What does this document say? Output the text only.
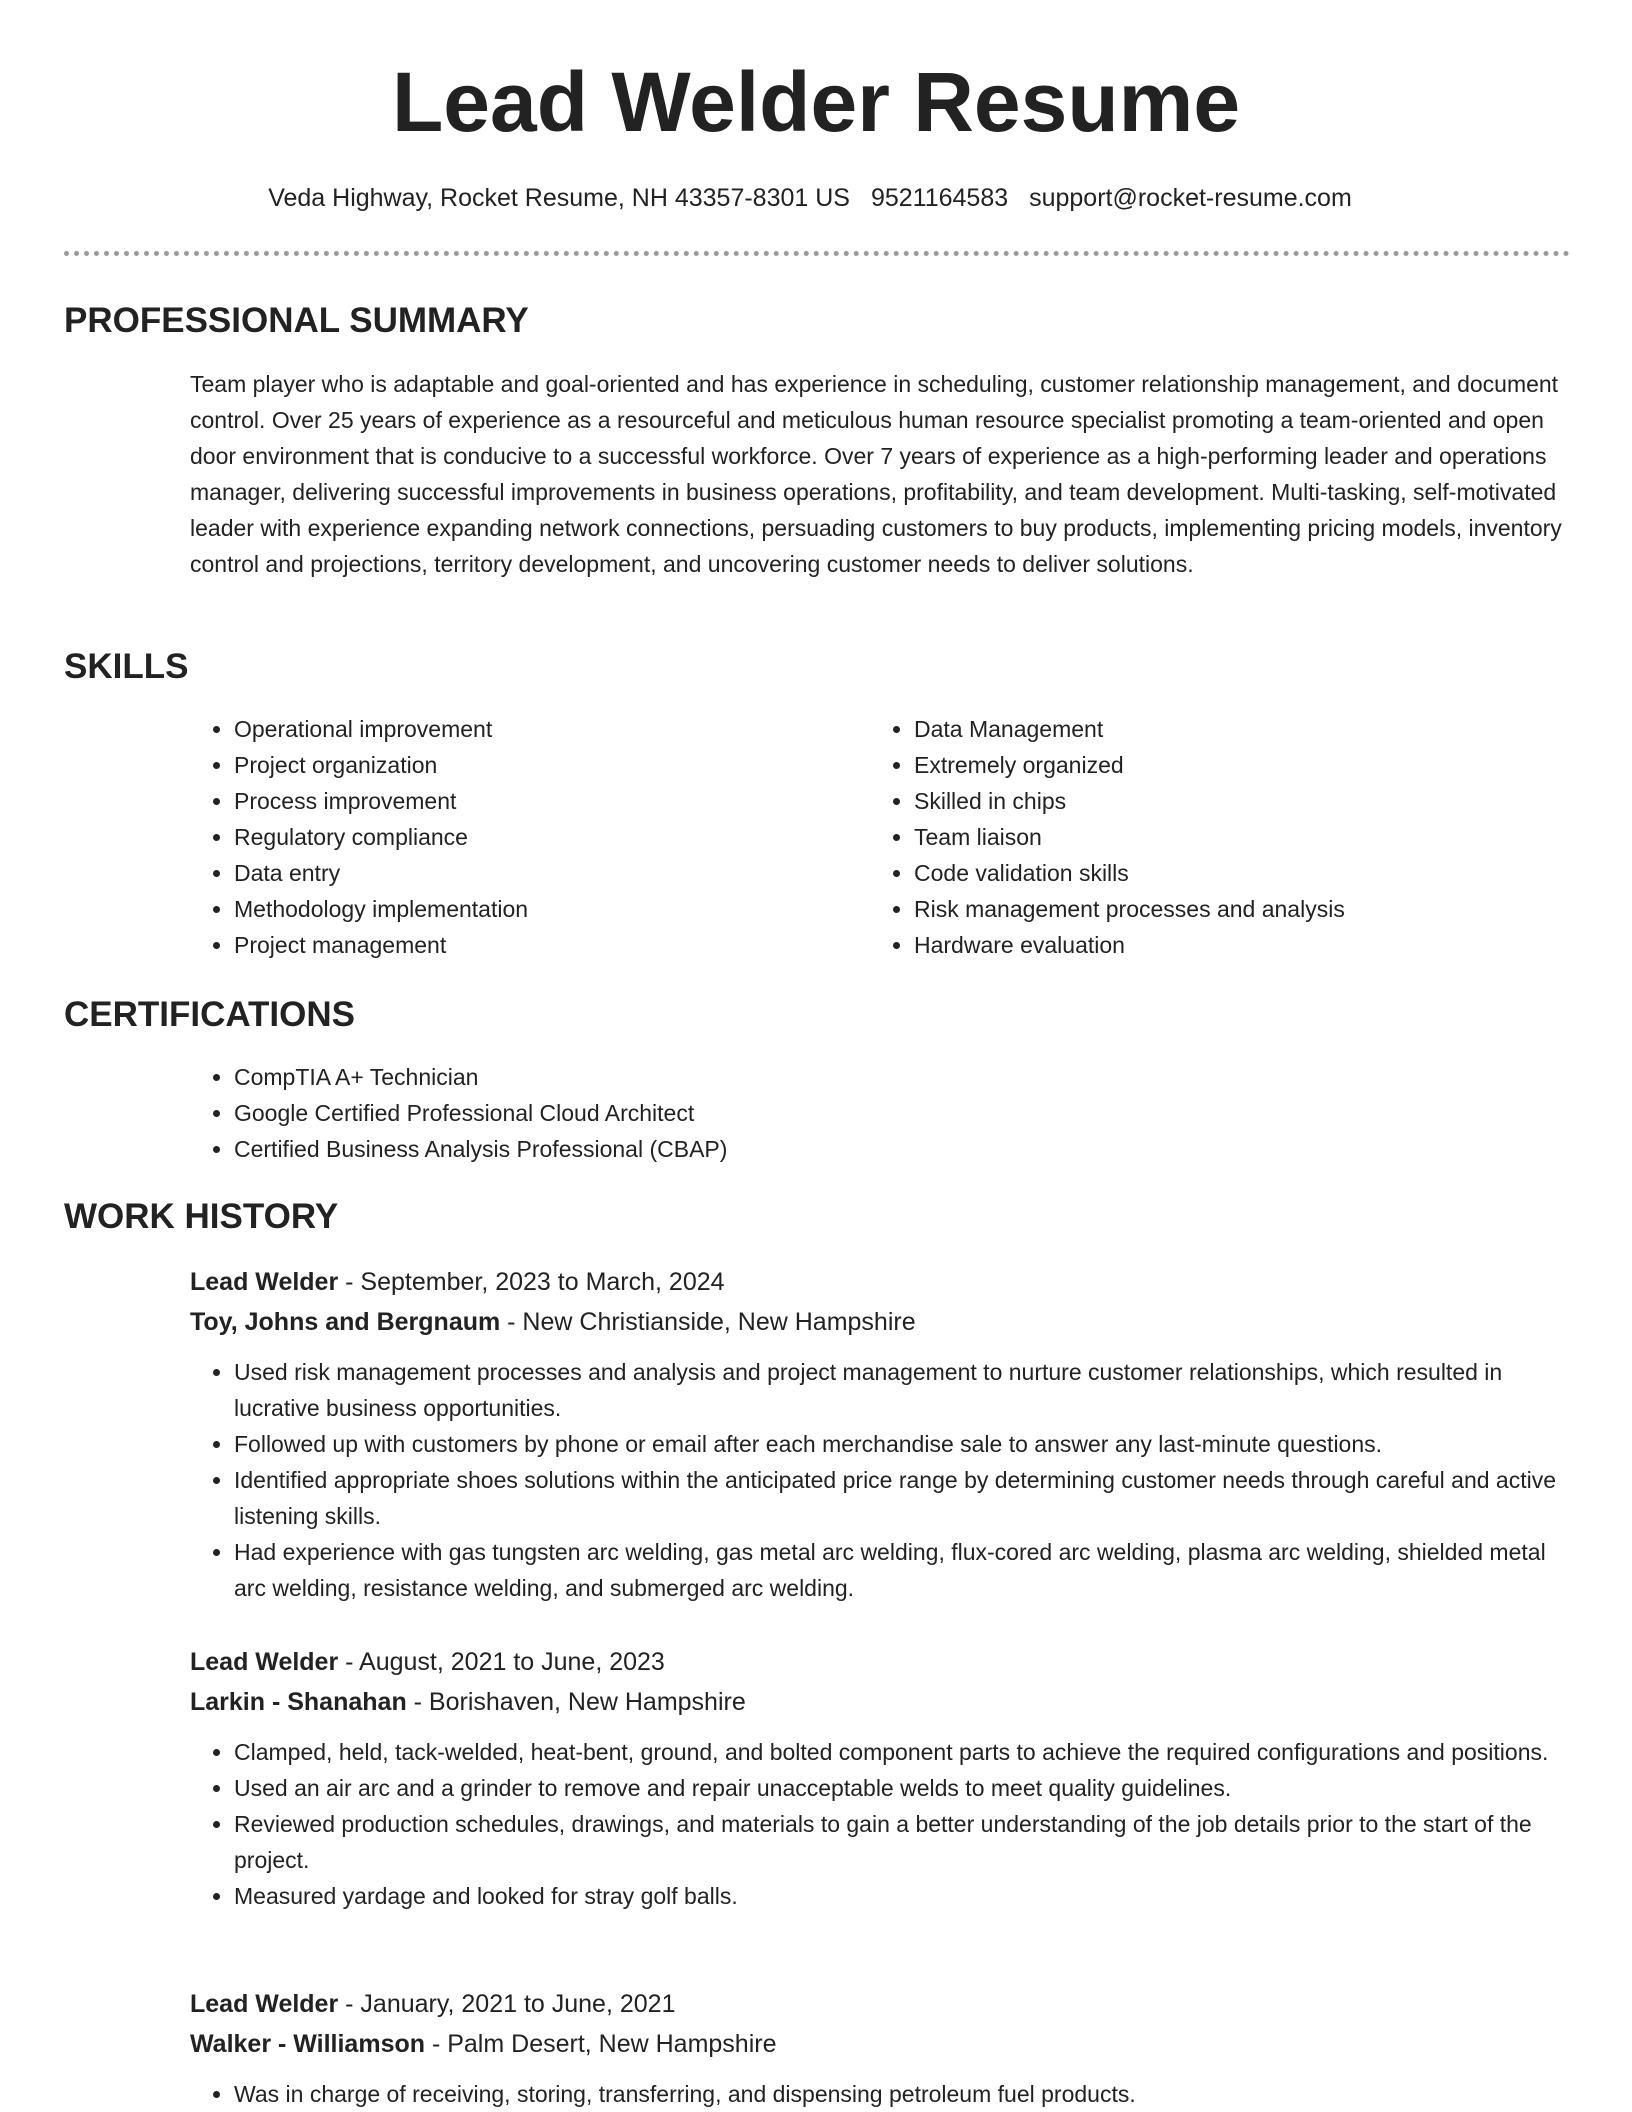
Lead Welder Resume
Veda Highway, Rocket Resume, NH 43357-8301 US 9521164583 support@rocket-resume.com
PROFESSIONAL SUMMARY

Team player who is adaptable and goal-oriented and has experience in scheduling, customer relationship management, and document control. Over 25 years of experience as a resourceful and meticulous human resource specialist promoting a team-oriented and open door environment that is conducive to a successful workforce. Over 7 years of experience as a high-performing leader and operations manager, delivering successful improvements in business operations, profitability, and team development. Multi-tasking, self-motivated leader with experience expanding network connections, persuading customers to buy products, implementing pricing models, inventory control and projections, territory development, and uncovering customer needs to deliver solutions.

SKILLS
• Operational improvement
• Project organization
• Process improvement
• Regulatory compliance
• Data entry
• Methodology implementation
• Project management
• Data Management
• Extremely organized
• Skilled in chips
• Team liaison
• Code validation skills
• Risk management processes and analysis
• Hardware evaluation
CERTIFICATIONS
• CompTIA A+ Technician
• Google Certified Professional Cloud Architect
• Certified Business Analysis Professional (CBAP)
WORK HISTORY
Lead Welder - September, 2023 to March, 2024
Toy, Johns and Bergnaum - New Christianside, New Hampshire
• Used risk management processes and analysis and project management to nurture customer relationships, which resulted in lucrative business opportunities.
• Followed up with customers by phone or email after each merchandise sale to answer any last-minute questions.
• Identified appropriate shoes solutions within the anticipated price range by determining customer needs through careful and active listening skills.
• Had experience with gas tungsten arc welding, gas metal arc welding, flux-cored arc welding, plasma arc welding, shielded metal arc welding, resistance welding, and submerged arc welding.
Lead Welder - August, 2021 to June, 2023
Larkin - Shanahan - Borishaven, New Hampshire
• Clamped, held, tack-welded, heat-bent, ground, and bolted component parts to achieve the required configurations and positions.
• Used an air arc and a grinder to remove and repair unacceptable welds to meet quality guidelines.
• Reviewed production schedules, drawings, and materials to gain a better understanding of the job details prior to the start of the project.
• Measured yardage and looked for stray golf balls.
Lead Welder - January, 2021 to June, 2021
Walker - Williamson - Palm Desert, New Hampshire
• Was in charge of receiving, storing, transferring, and dispensing petroleum fuel products.
